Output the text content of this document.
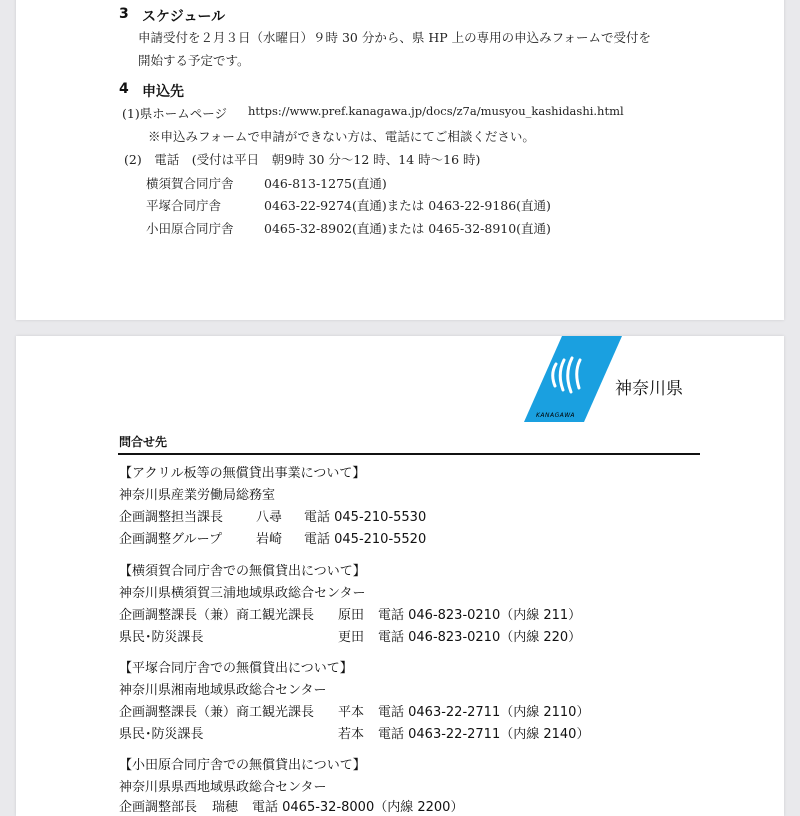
3 スケジュール
申請受付を２月３日（水曜日）９時 30 分から、県 HP 上の専用の申込みフォームで受付を
開始する予定です。
4 申込先
(1)県ホームページ https://www.pref.kanagawa.jp/docs/z7a/musyou_kashidashi.html
※申込みフォームで申請ができない方は、電話にてご相談ください。
(2)　電話　(受付は平日　朝9時 30 分～12 時、14 時～16 時)
横須賀合同庁舎 046-813-1275(直通)
平塚合同庁舎	0463-22-9274(直通)または 0463-22-9186(直通)
小田原合同庁舎 0465-32-8902(直通)または 0465-32-8910(直通)
KANAGAWA
神奈川県
問合せ先
【アクリル板等の無償貸出事業について】
神奈川県産業労働局総務室
企画調整担当課長	八尋 電話 045-210-5530
企画調整グループ	岩崎 電話 045-210-5520
【横須賀合同庁舎での無償貸出について】
神奈川県横須賀三浦地域県政総合センター
企画調整課長（兼）商工観光課長 原田 電話 046-823-0210（内線 211）
県民･防災課長	更田 電話 046-823-0210（内線 220）
【平塚合同庁舎での無償貸出について】
神奈川県湘南地域県政総合センター
企画調整課長（兼）商工観光課長 平本 電話 0463-22-2711（内線 2110）
県民･防災課長	若本 電話 0463-22-2711（内線 2140）
【小田原合同庁舎での無償貸出について】
神奈川県県西地域県政総合センター
企画調整部長 瑞穂 電話 0465-32-8000（内線 2200）
